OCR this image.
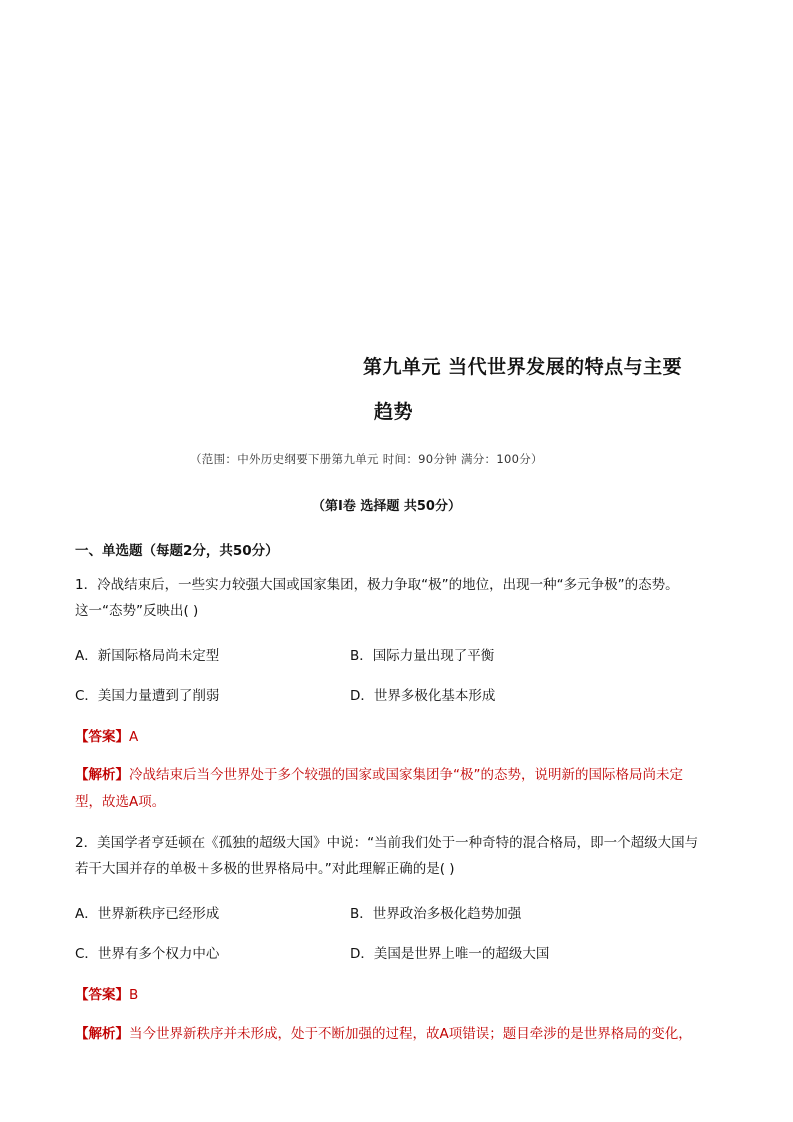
第九单元 当代世界发展的特点与主要
趋势
（范围：中外历史纲要下册第九单元 时间：90分钟 满分：100分）
（第Ⅰ卷 选择题 共50分）
一、单选题（每题2分，共50分）
1．冷战结束后，一些实力较强大国或国家集团，极力争取“极”的地位，出现一种“多元争极”的态势。
这一“态势”反映出( )
A．新国际格局尚未定型	B．国际力量出现了平衡
C．美国力量遭到了削弱	D．世界多极化基本形成
【答案】A
【解析】冷战结束后当今世界处于多个较强的国家或国家集团争“极”的态势，说明新的国际格局尚未定
型，故选A项。
2．美国学者亨廷顿在《孤独的超级大国》中说：“当前我们处于一种奇特的混合格局，即一个超级大国与
若干大国并存的单极＋多极的世界格局中。”对此理解正确的是( )
A．世界新秩序已经形成	B．世界政治多极化趋势加强
C．世界有多个权力中心	D．美国是世界上唯一的超级大国
【答案】B
【解析】当今世界新秩序并未形成，处于不断加强的过程，故A项错误；题目牵涉的是世界格局的变化，
